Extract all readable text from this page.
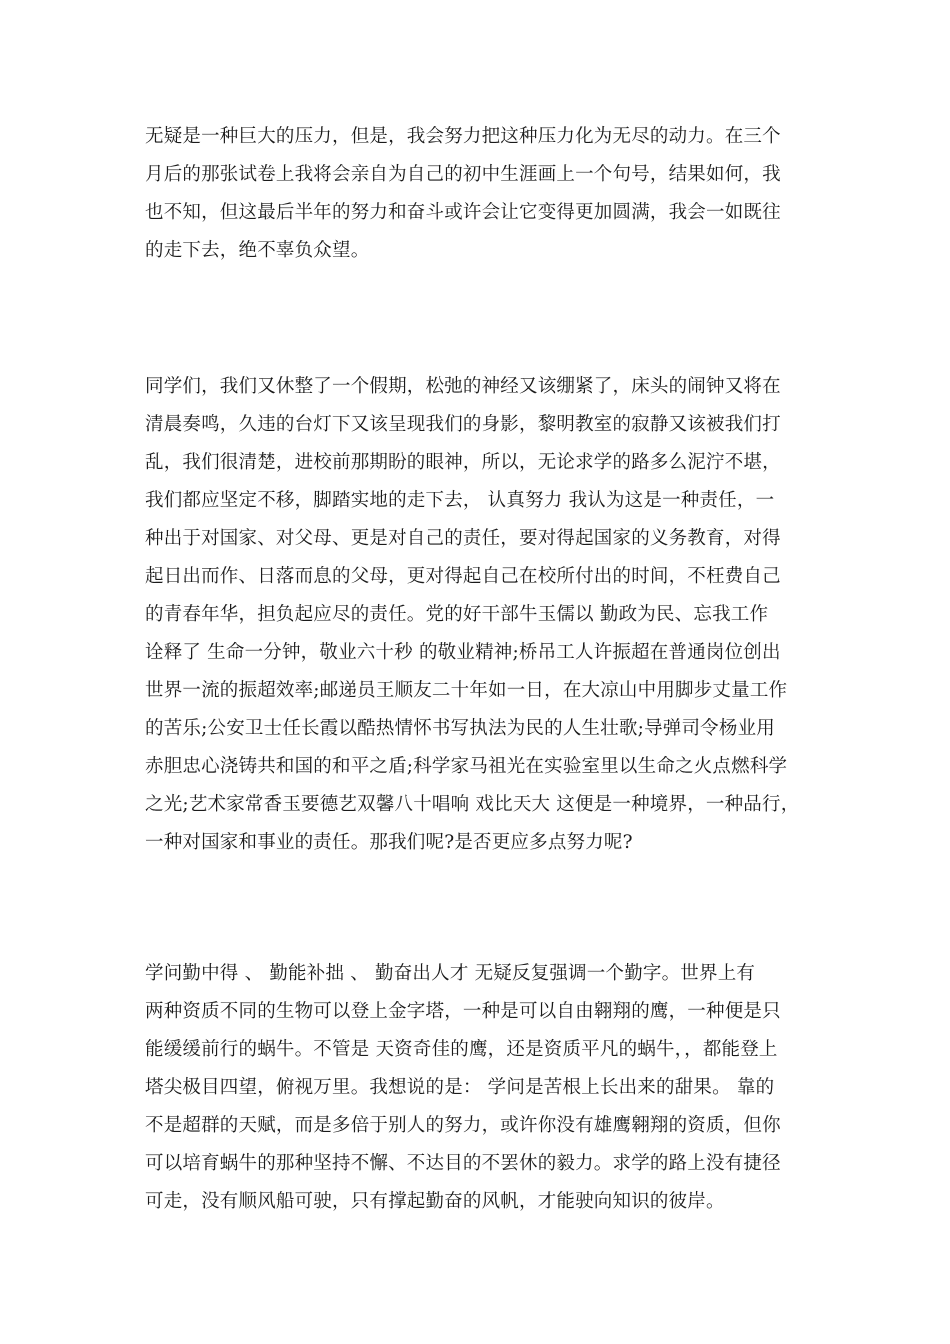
无疑是一种巨大的压力，但是，我会努力把这种压力化为无尽的动力。在三个
月后的那张试卷上我将会亲自为自己的初中生涯画上一个句号，结果如何，我
也不知，但这最后半年的努力和奋斗或许会让它变得更加圆满，我会一如既往
的走下去，绝不辜负众望。
同学们，我们又休整了一个假期，松弛的神经又该绷紧了，床头的闹钟又将在
清晨奏鸣，久违的台灯下又该呈现我们的身影，黎明教室的寂静又该被我们打
乱，我们很清楚，进校前那期盼的眼神，所以，无论求学的路多么泥泞不堪，
我们都应坚定不移，脚踏实地的走下去， 认真努力 我认为这是一种责任，一
种出于对国家、对父母、更是对自己的责任，要对得起国家的义务教育，对得
起日出而作、日落而息的父母，更对得起自己在校所付出的时间，不枉费自己
的青春年华，担负起应尽的责任。党的好干部牛玉儒以 勤政为民、忘我工作
诠释了 生命一分钟，敬业六十秒 的敬业精神;桥吊工人许振超在普通岗位创出
世界一流的振超效率;邮递员王顺友二十年如一日，在大凉山中用脚步丈量工作
的苦乐;公安卫士任长霞以酷热情怀书写执法为民的人生壮歌;导弹司令杨业用
赤胆忠心浇铸共和国的和平之盾;科学家马祖光在实验室里以生命之火点燃科学
之光;艺术家常香玉要德艺双馨八十唱响 戏比天大 这便是一种境界，一种品行，
一种对国家和事业的责任。那我们呢?是否更应多点努力呢?
学问勤中得 、 勤能补拙 、 勤奋出人才 无疑反复强调一个勤字。世界上有
两种资质不同的生物可以登上金字塔，一种是可以自由翱翔的鹰，一种便是只
能缓缓前行的蜗牛。不管是 天资奇佳的鹰，还是资质平凡的蜗牛，，都能登上
塔尖极目四望，俯视万里。我想说的是： 学问是苦根上长出来的甜果。 靠的
不是超群的天赋，而是多倍于别人的努力，或许你没有雄鹰翱翔的资质，但你
可以培育蜗牛的那种坚持不懈、不达目的不罢休的毅力。求学的路上没有捷径
可走，没有顺风船可驶，只有撑起勤奋的风帆，才能驶向知识的彼岸。
